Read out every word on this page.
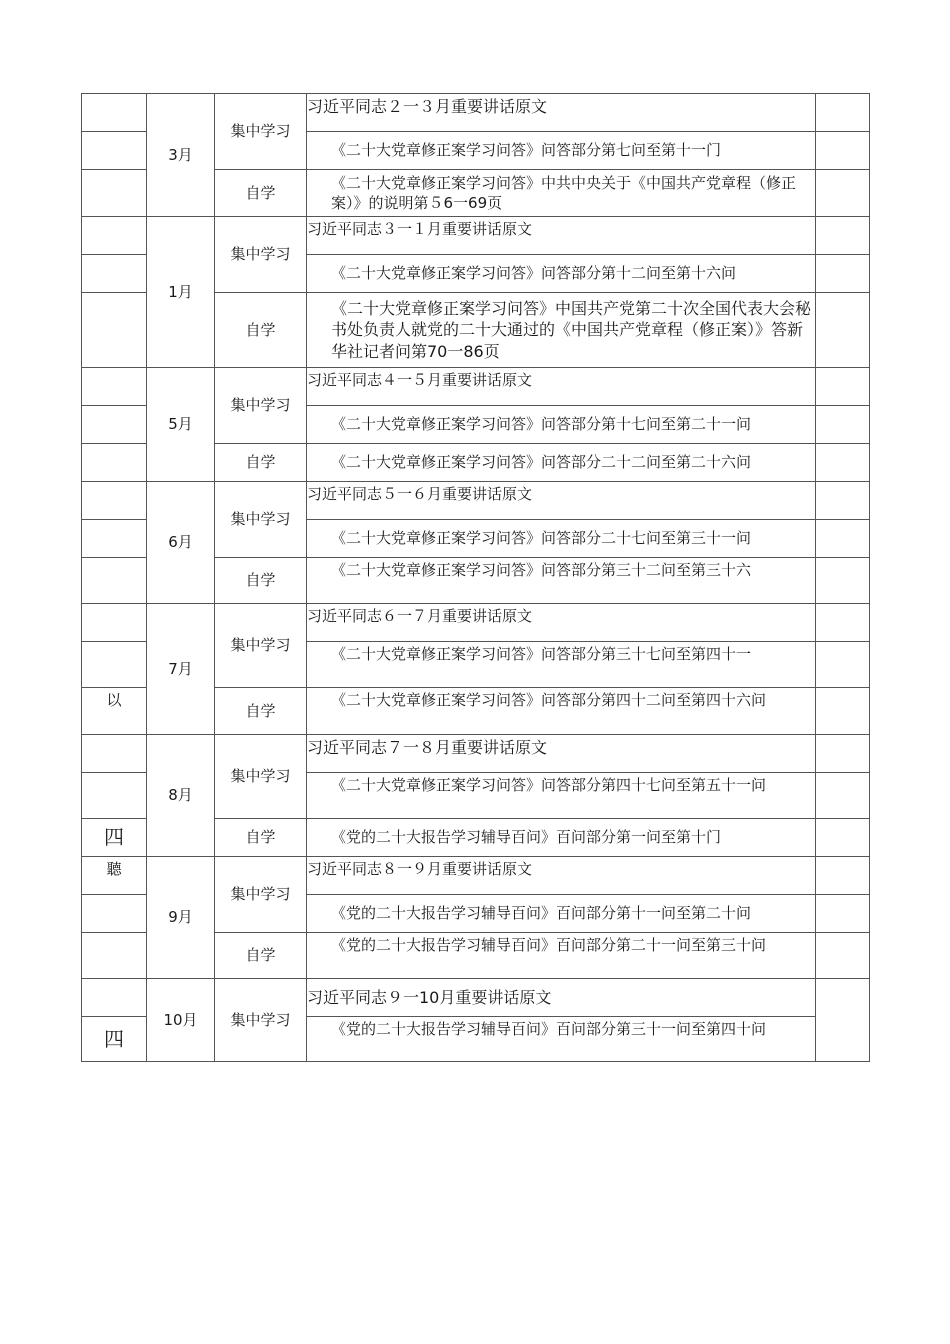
	3月	集中学习	习近平同志２一３月重要讲话原文	
			《二十大党章修正案学习问答》问答部分第七问至第十一门	
		自学	《二十大党章修正案学习问答》中共中央关于《中国共产党章程（修正案）》的说明第５6一69页	
	1月	集中学习	习近平同志３一１月重要讲话原文	
			《二十大党章修正案学习问答》问答部分第十二问至第十六问	
		自学	《二十大党章修正案学习问答》中国共产党第二十次全国代表大会秘书处负责人就党的二十大通过的《中国共产党章程（修正案）》答新华社记者问第70一86页	
	5月	集中学习	习近平同志４一５月重要讲话原文	
			《二十大党章修正案学习问答》问答部分第十七问至第二十一问	
		自学	《二十大党章修正案学习问答》问答部分二十二问至第二十六问	
	6月	集中学习	习近平同志５一６月重要讲话原文	
			《二十大党章修正案学习问答》问答部分二十七问至第三十一问	
		自学	《二十大党章修正案学习问答》问答部分第三十二问至第三十六	
	7月	集中学习	习近平同志６一７月重要讲话原文	
			《二十大党章修正案学习问答》问答部分第三十七问至第四十一	
以		自学	《二十大党章修正案学习问答》问答部分第四十二问至第四十六问	
	8月	集中学习	习近平同志７一８月重要讲话原文	
			《二十大党章修正案学习问答》问答部分第四十七问至第五十一问	
四		自学	《党的二十大报告学习辅导百问》百问部分第一问至第十门	
聽	9月	集中学习	习近平同志８一９月重要讲话原文	
			《党的二十大报告学习辅导百问》百问部分第十一问至第二十问	
		自学	《党的二十大报告学习辅导百问》百问部分第二十一问至第三十问	
	10月	集中学习	习近平同志９一10月重要讲话原文	
四			《党的二十大报告学习辅导百问》百问部分第三十一问至第四十问	
